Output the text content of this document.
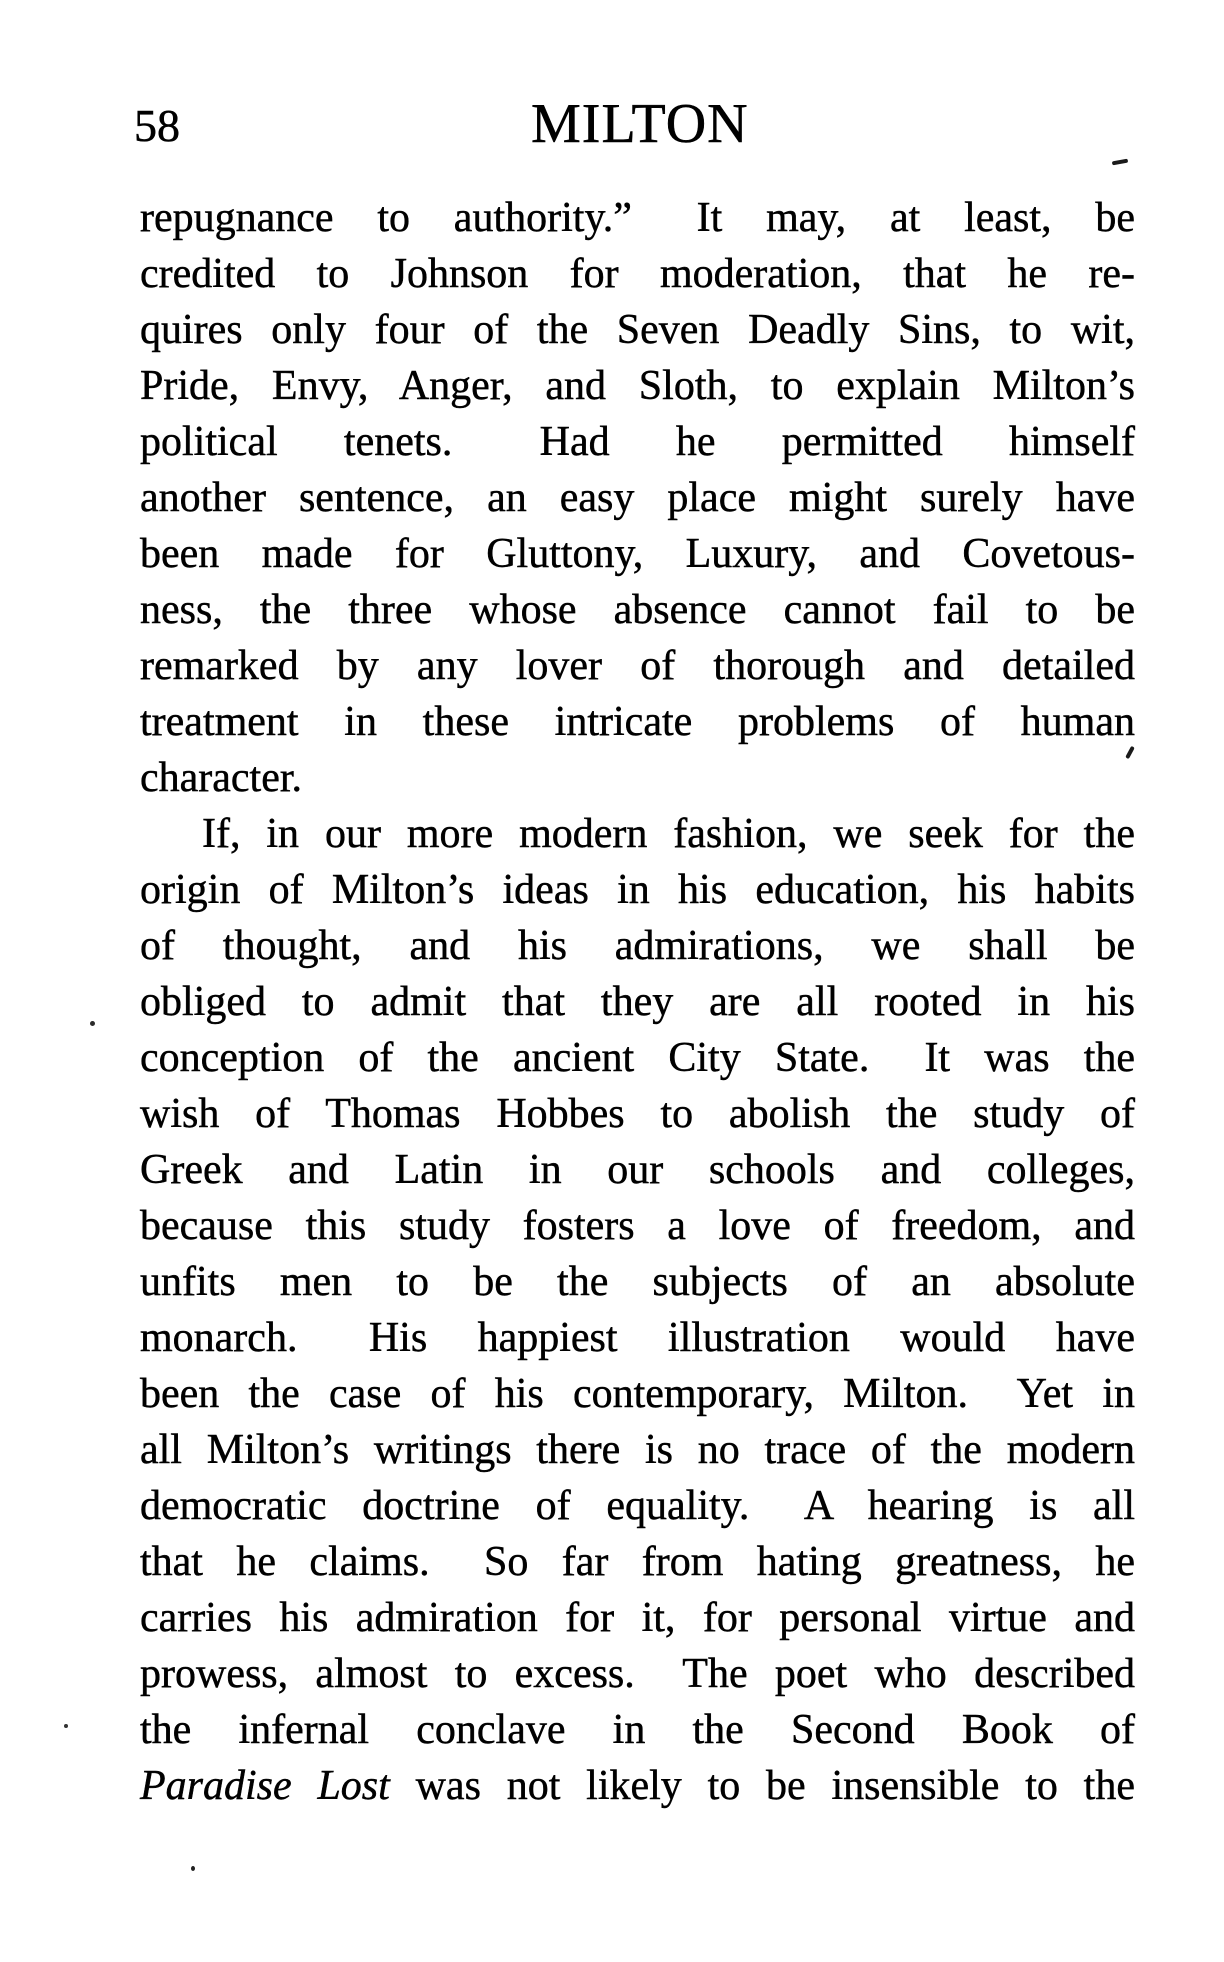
58	MILTON
repugnance to authority.”  It may, at least, be
credited to Johnson for moderation, that he re-
quires only four of the Seven Deadly Sins, to wit,
Pride, Envy, Anger, and Sloth, to explain Milton’s
political tenets.  Had he permitted himself
another sentence, an easy place might surely have
been made for Gluttony, Luxury, and Covetous-
ness, the three whose absence cannot fail to be
remarked by any lover of thorough and detailed
treatment in these intricate problems of human
character.
If, in our more modern fashion, we seek for the
origin of Milton’s ideas in his education, his habits
of thought, and his admirations, we shall be
obliged to admit that they are all rooted in his
conception of the ancient City State.  It was the
wish of Thomas Hobbes to abolish the study of
Greek and Latin in our schools and colleges,
because this study fosters a love of freedom, and
unfits men to be the subjects of an absolute
monarch.  His happiest illustration would have
been the case of his contemporary, Milton.  Yet in
all Milton’s writings there is no trace of the modern
democratic doctrine of equality.  A hearing is all
that he claims.  So far from hating greatness, he
carries his admiration for it, for personal virtue and
prowess, almost to excess.  The poet who described
the infernal conclave in the Second Book of
Paradise Lost was not likely to be insensible to the
